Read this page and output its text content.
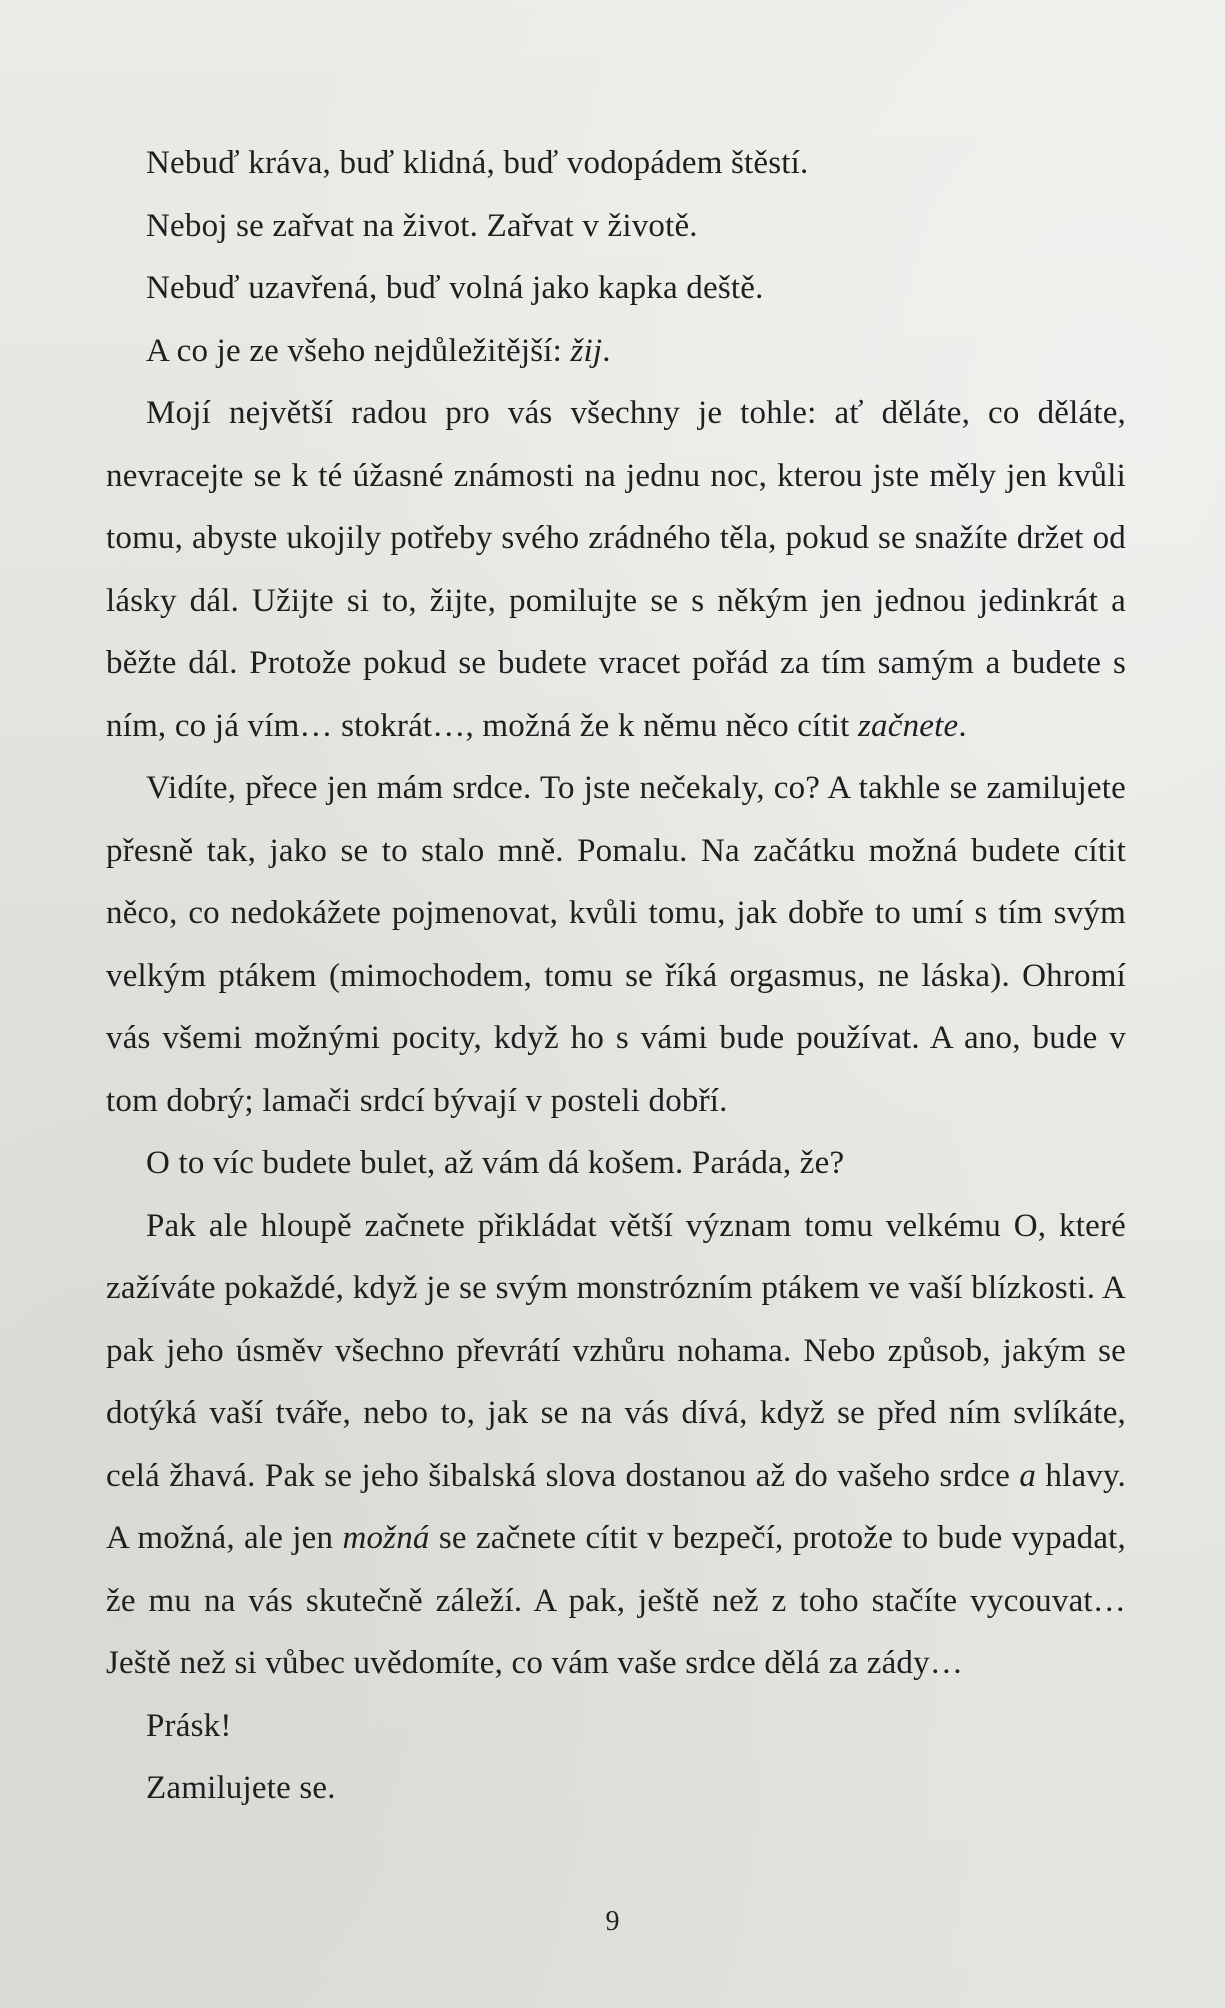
Nebuď kráva, buď klidná, buď vodopádem štěstí.

Neboj se zařvat na život. Zařvat v životě.

Nebuď uzavřená, buď volná jako kapka deště.

A co je ze všeho nejdůležitější: žij.

Mojí největší radou pro vás všechny je tohle: ať děláte, co děláte, nevracejte se k té úžasné známosti na jednu noc, kterou jste měly jen kvůli tomu, abyste ukojily potřeby svého zrádného těla, pokud se snažíte držet od lásky dál. Užijte si to, žijte, pomilujte se s někým jen jednou jedinkrát a běžte dál. Protože pokud se budete vracet pořád za tím samým a budete s ním, co já vím… stokrát…, možná že k němu něco cítit začnete.

Vidíte, přece jen mám srdce. To jste nečekaly, co? A takhle se zamilujete přesně tak, jako se to stalo mně. Pomalu. Na začátku možná budete cítit něco, co nedokážete pojmenovat, kvůli tomu, jak dobře to umí s tím svým velkým ptákem (mimochodem, tomu se říká orgasmus, ne láska). Ohromí vás všemi možnými pocity, když ho s vámi bude používat. A ano, bude v tom dobrý; lamači srdcí bývají v posteli dobří.

O to víc budete bulet, až vám dá košem. Paráda, že?

Pak ale hloupě začnete přikládat větší význam tomu velkému O, které zažíváte pokaždé, když je se svým monstrózním ptákem ve vaší blízkosti. A pak jeho úsměv všechno převrátí vzhůru nohama. Nebo způsob, jakým se dotýká vaší tváře, nebo to, jak se na vás dívá, když se před ním svlíkáte, celá žhavá. Pak se jeho šibalská slova dostanou až do vašeho srdce a hlavy. A možná, ale jen možná se začnete cítit v bezpečí, protože to bude vypadat, že mu na vás skutečně záleží. A pak, ještě než z toho stačíte vycouvat… Ještě než si vůbec uvědomíte, co vám vaše srdce dělá za zády…

Prásk!

Zamilujete se.

9
